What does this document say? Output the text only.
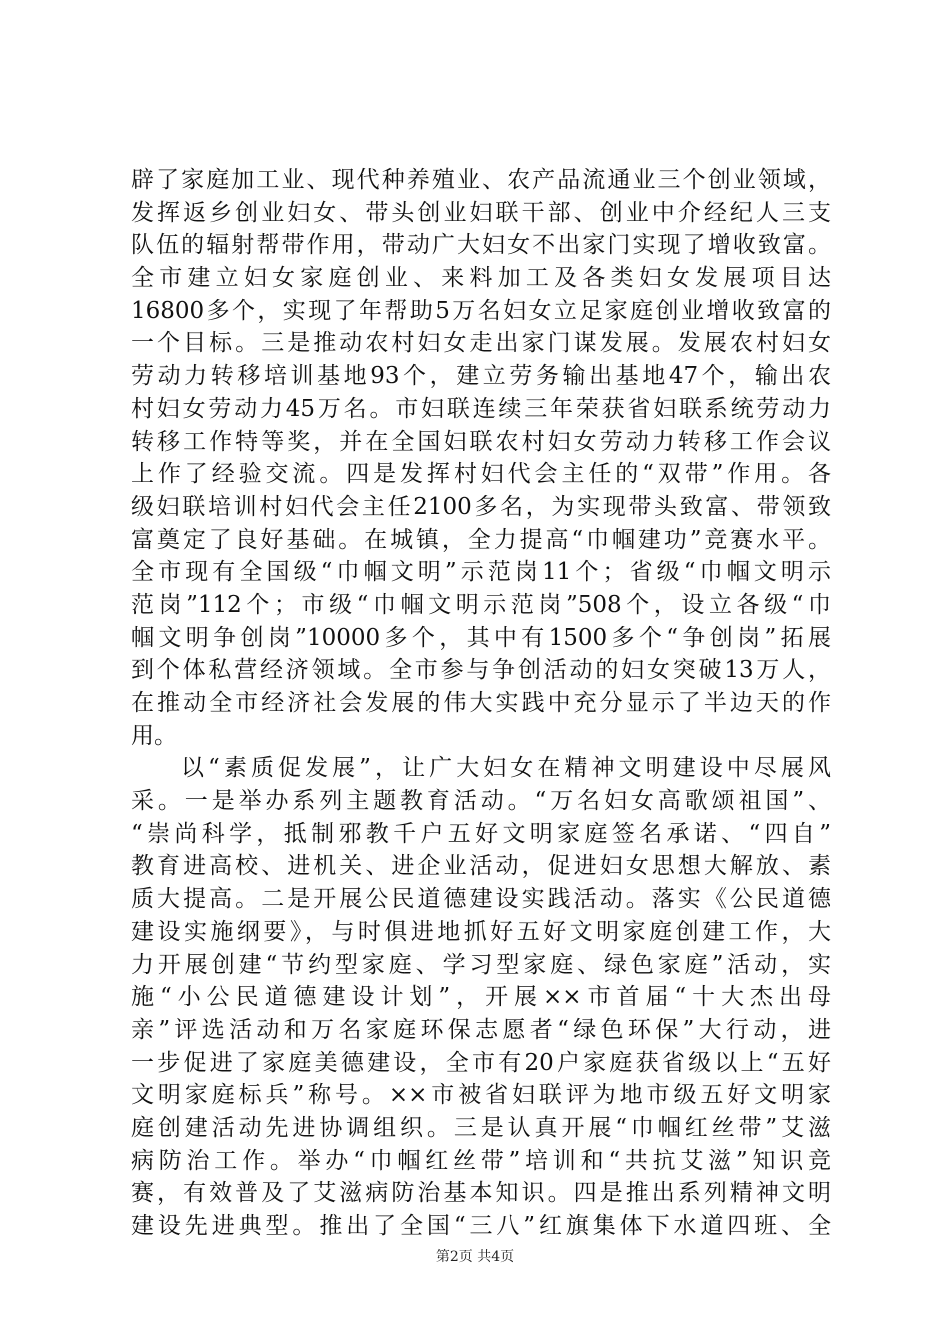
辟了家庭加工业、现代种养殖业、农产品流通业三个创业领域，
发挥返乡创业妇女、带头创业妇联干部、创业中介经纪人三支
队伍的辐射帮带作用，带动广大妇女不出家门实现了增收致富。
全市建立妇女家庭创业、来料加工及各类妇女发展项目达
16800多个，实现了年帮助5万名妇女立足家庭创业增收致富的
一个目标。三是推动农村妇女走出家门谋发展。发展农村妇女
劳动力转移培训基地93个，建立劳务输出基地47个，输出农
村妇女劳动力45万名。市妇联连续三年荣获省妇联系统劳动力
转移工作特等奖，并在全国妇联农村妇女劳动力转移工作会议
上作了经验交流。四是发挥村妇代会主任的“双带”作用。各
级妇联培训村妇代会主任2100多名，为实现带头致富、带领致
富奠定了良好基础。在城镇，全力提高“巾帼建功”竞赛水平。
全市现有全国级“巾帼文明”示范岗11个；省级“巾帼文明示
范岗”112个；市级“巾帼文明示范岗”508个，设立各级“巾
帼文明争创岗”10000多个，其中有1500多个“争创岗”拓展
到个体私营经济领域。全市参与争创活动的妇女突破13万人，
在推动全市经济社会发展的伟大实践中充分显示了半边天的作
用。
以“素质促发展”，让广大妇女在精神文明建设中尽展风
采。一是举办系列主题教育活动。“万名妇女高歌颂祖国”、
“崇尚科学，抵制邪教千户五好文明家庭签名承诺、“四自”
教育进高校、进机关、进企业活动，促进妇女思想大解放、素
质大提高。二是开展公民道德建设实践活动。落实《公民道德
建设实施纲要》，与时俱进地抓好五好文明家庭创建工作，大
力开展创建“节约型家庭、学习型家庭、绿色家庭”活动，实
施“小公民道德建设计划”，开展××市首届“十大杰出母
亲”评选活动和万名家庭环保志愿者“绿色环保”大行动，进
一步促进了家庭美德建设，全市有20户家庭获省级以上“五好
文明家庭标兵”称号。××市被省妇联评为地市级五好文明家
庭创建活动先进协调组织。三是认真开展“巾帼红丝带”艾滋
病防治工作。举办“巾帼红丝带”培训和“共抗艾滋”知识竞
赛，有效普及了艾滋病防治基本知识。四是推出系列精神文明
建设先进典型。推出了全国“三八”红旗集体下水道四班、全
第2页 共4页
